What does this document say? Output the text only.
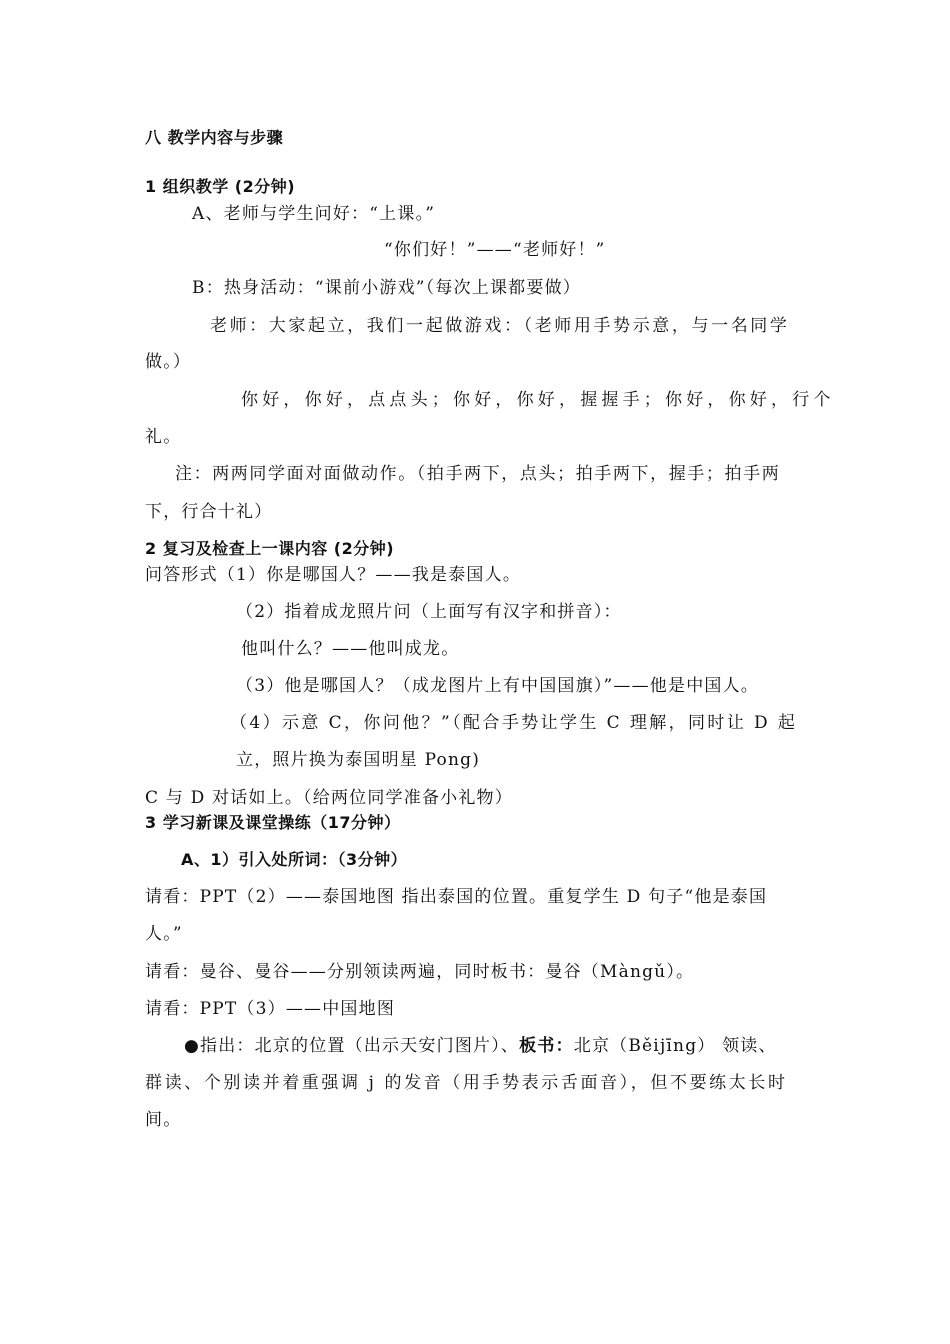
八 教学内容与步骤
1 组织教学 (2分钟)
A、老师与学生问好：“上课。”
“你们好！”——“老师好！”
B：热身活动：“课前小游戏”（每次上课都要做）
老师：大家起立，我们一起做游戏：（老师用手势示意，与一名同学
做。）
你好，你好，点点头；你好，你好，握握手；你好，你好，行个
礼。
注：两两同学面对面做动作。（拍手两下，点头；拍手两下，握手；拍手两
下，行合十礼）
2 复习及检查上一课内容 (2分钟)
问答形式（1）你是哪国人？——我是泰国人。
（2）指着成龙照片问（上面写有汉字和拼音）：
他叫什么？——他叫成龙。
（3）他是哪国人？（成龙图片上有中国国旗）”——他是中国人。
（4）示意 C，你问他？”（配合手势让学生 C 理解，同时让 D 起
立，照片换为泰国明星 Pong)
C 与 D 对话如上。（给两位同学准备小礼物）
3 学习新课及课堂操练（17分钟）
A、1）引入处所词：（3分钟）
请看：PPT（2）——泰国地图 指出泰国的位置。重复学生 D 句子“他是泰国
人。”
请看：曼谷、曼谷——分别领读两遍，同时板书：曼谷（Màngǔ）。
请看：PPT（3）——中国地图
●指出：北京的位置（出示天安门图片）、板书：北京（Běijīng） 领读、
群读、个别读并着重强调 j 的发音（用手势表示舌面音），但不要练太长时
间。
